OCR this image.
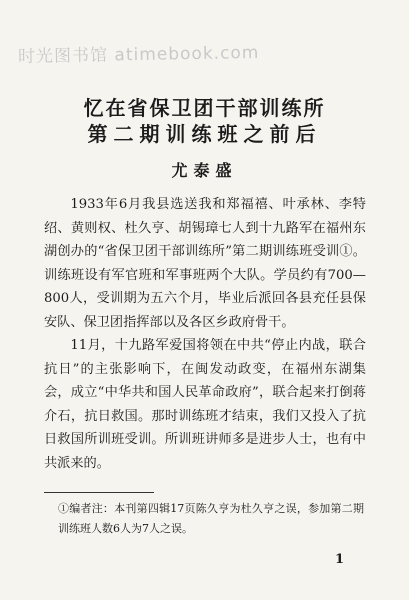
时光图书馆 atimebook.com
忆在省保卫团干部训练所
第二期训练班之前后
尤泰盛

1933年6月我县选送我和郑福禧、叶承林、李特绍、黄则权、杜久亨、胡锡璋七人到十九路军在福州东湖创办的“省保卫团干部训练所”第二期训练班受训①。训练班设有军官班和军事班两个大队。学员约有700—800人，受训期为五六个月，毕业后派回各县充任县保安队、保卫团指挥部以及各区乡政府骨干。

11月，十九路军爱国将领在中共“停止内战，联合抗日”的主张影响下，在闽发动政变，在福州东湖集会，成立“中华共和国人民革命政府”，联合起来打倒蒋介石，抗日救国。那时训练班才结束，我们又投入了抗日救国所训班受训。所训班讲师多是进步人士，也有中共派来的。

①编者注：本刊第四辑17页陈久亨为杜久亨之误，参加第二期训练班人数6人为7人之误。
1
